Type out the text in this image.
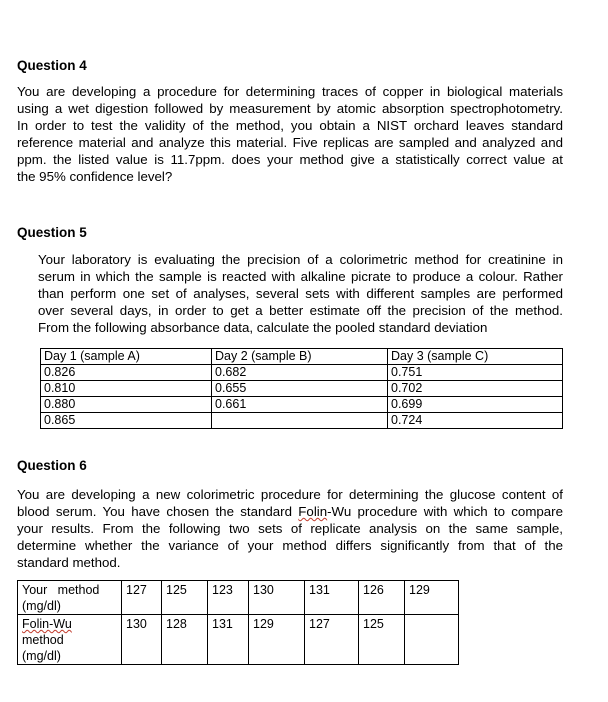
Question 4
You are developing a procedure for determining traces of copper in biological materials
using a wet digestion followed by measurement by atomic absorption spectrophotometry.
In order to test the validity of the method, you obtain a NIST orchard leaves standard
reference material and analyze this material. Five replicas are sampled and analyzed and
ppm. the listed value is 11.7ppm. does your method give a statistically correct value at
the 95% confidence level?
Question 5
Your laboratory is evaluating the precision of a colorimetric method for creatinine in
serum in which the sample is reacted with alkaline picrate to produce a colour. Rather
than perform one set of analyses, several sets with different samples are performed
over several days, in order to get a better estimate off the precision of the method.
From the following absorbance data, calculate the pooled standard deviation
Day 1 (sample A)	Day 2 (sample B)	Day 3 (sample C)
0.826	0.682	0.751
0.810	0.655	0.702
0.880	0.661	0.699
0.865		0.724
Question 6
You are developing a new colorimetric procedure for determining the glucose content of
blood serum. You have chosen the standard Folin-Wu procedure with which to compare
your results. From the following two sets of replicate analysis on the same sample,
determine whether the variance of your method differs significantly from that of the
standard method.
Your   method
(mg/dl)	127	125	123	130	131	126	129

Folin-Wu
method
(mg/dl)	130	128	131	129	127	125	
